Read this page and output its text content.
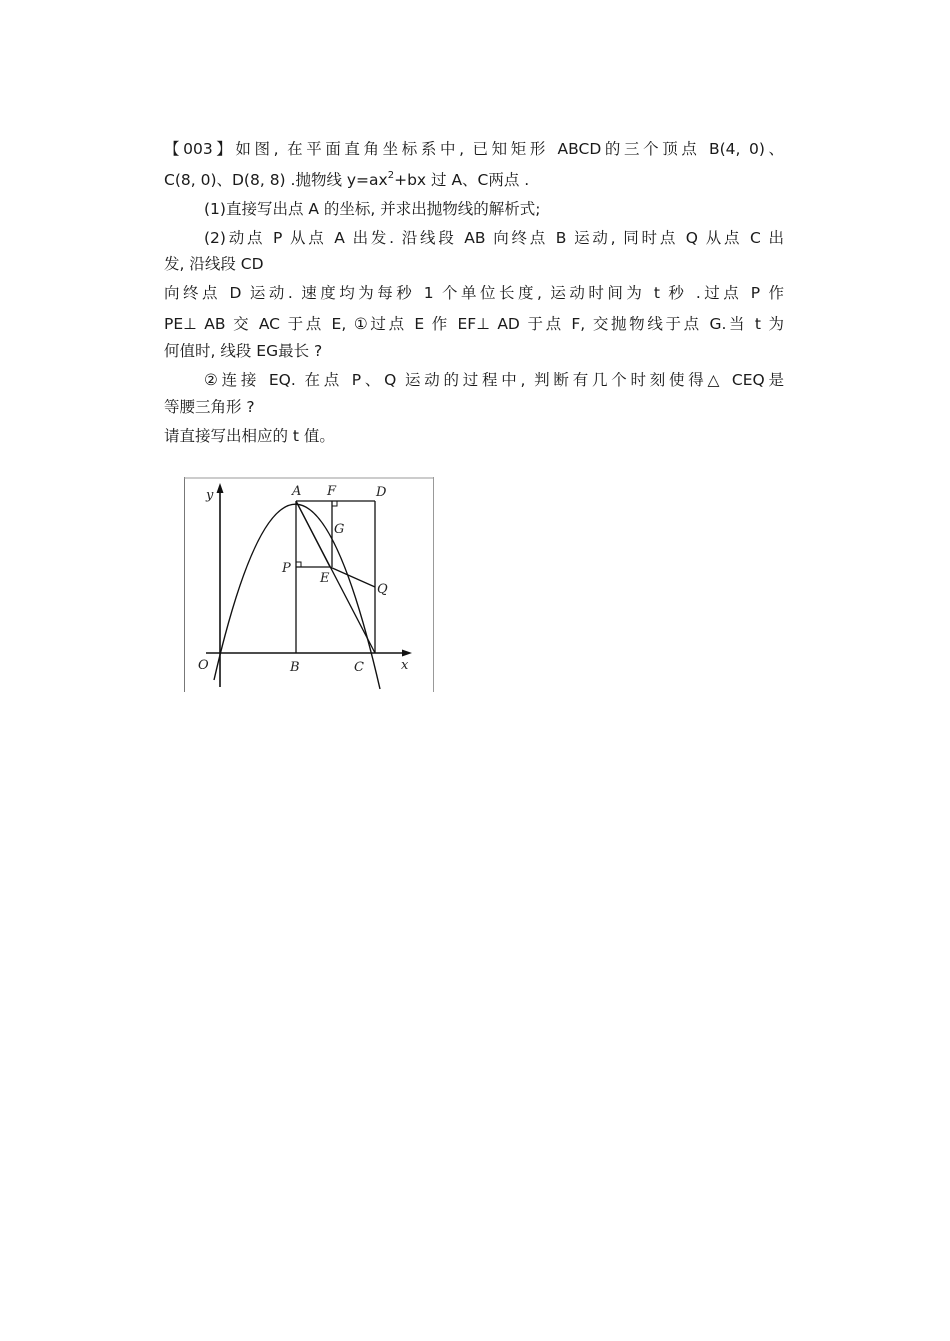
【003】如图, 在平面直角坐标系中, 已知矩形 ABCD的三个顶点 B(4, 0)、
C(8, 0)、D(8, 8) .抛物线 $y=ax^2+bx$ 过 A、C两点 .
(1)直接写出点 A 的坐标, 并求出抛物线的解析式;
(2)动点 P 从点 A 出发. 沿线段 AB 向终点 B 运动, 同时点 Q 从点 C 出
发, 沿线段 CD
向终点 D 运动. 速度均为每秒 1 个单位长度, 运动时间为 t 秒 .过点 P 作
PE⊥ AB 交 AC 于点 E, ①过点 E 作 EF⊥ AD 于点 F, 交抛物线于点 G.当 t 为
何值时, 线段 EG最长 ?
②连接 EQ. 在点 P、Q 运动的过程中, 判断有几个时刻使得△ CEQ是
等腰三角形 ?
请直接写出相应的 t 值。
y
x
O
A
B	C
D
E
F
G
P
Q
